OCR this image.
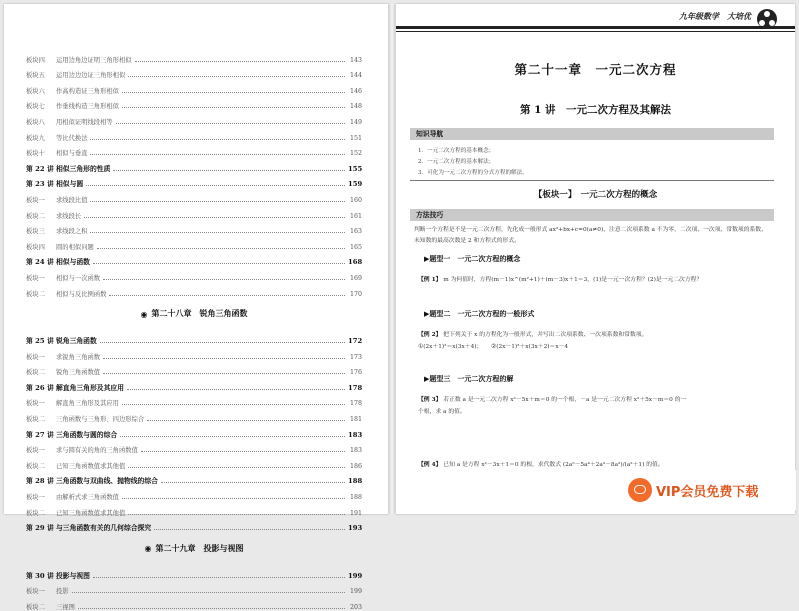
板块四	运用边角边证明三角形相似	143
板块五	运用边边边证三角形相似	144
板块六	作高构造证三角形相似	146
板块七	作垂线构造三角形相似	148
板块八	用相似证明线段相等	149
板块九	等比代换法	151
板块十	相似与垂直	152
第 22 讲 相似三角形的性质	155
第 23 讲 相似与圆	159
板块一	求线段比值	160
板块二	求线段长	161
板块三	求线段之积	163
板块四	圆的相似问题	165
第 24 讲 相似与函数	168
板块一	相似与一次函数	169
板块二	相似与反比例函数	170
◉ 第二十八章　锐角三角函数
第 25 讲 锐角三角函数	172
板块一	求锐角三角函数	173
板块二	锐角三角函数值	176
第 26 讲 解直角三角形及其应用	178
板块一	解直角三角形及其应用	178
板块二	三角函数与三角形、四边形综合	181
第 27 讲 三角函数与圆的综合	183
板块一	求与圆有关的角的三角函数值	183
板块二	已知三角函数值求其他值	186
第 28 讲 三角函数与双曲线、抛物线的综合	188
板块一	由解析式求三角函数值	188
板块二	已知三角函数值求其他值	191
第 29 讲 与三角函数有关的几何综合探究	193
◉ 第二十九章　投影与视图
第 30 讲 投影与视图	199
板块一	投影	199
板块二	三视图	203
九年级数学　大培优
第二十一章　一元二次方程
第 1 讲　一元二次方程及其解法
知识导航
1．一元二次方程的基本概念；
2．一元二次方程的基本解法；
3．可化为一元二次方程的分式方程的解法。
【板块一】　一元二次方程的概念
方法技巧
判断一个方程是不是一元二次方程，先化成一般形式 ax²+bx+c=0(a≠0)，注意二次项系数 a 不为零，二次项、一次项、常数项的系数、
未知数的最高次数是 2 和方程式的形式。
▶题型一　一元二次方程的概念
【例 1】 m 为何值时，方程(m－1)x^(m²+1)＋(m－3)x＋1＝3，(1)是一元一次方程？(2)是一元二次方程？
▶题型二　一元二次方程的一般形式
【例 2】 把下列关于 x 的方程化为一般形式，并写出二次项系数、一次项系数和常数项。
①(2x＋1)²＝x(3x＋4)；　　②(2x－1)²＋x(3x＋2)＝x－4
▶题型三　一元二次方程的解
【例 3】 若正数 a 是一元二次方程 x²－5x＋m＝0 的一个根，－a 是一元二次方程 x²＋5x－m＝0 的一
个根，求 a 的值。
【例 4】 已知 a 是方程 x²－3x＋1＝0 的根，求代数式 (2a⁵－5a⁴＋2a³－8a²)/(a²＋1) 的值。
VIP会员免费下载
